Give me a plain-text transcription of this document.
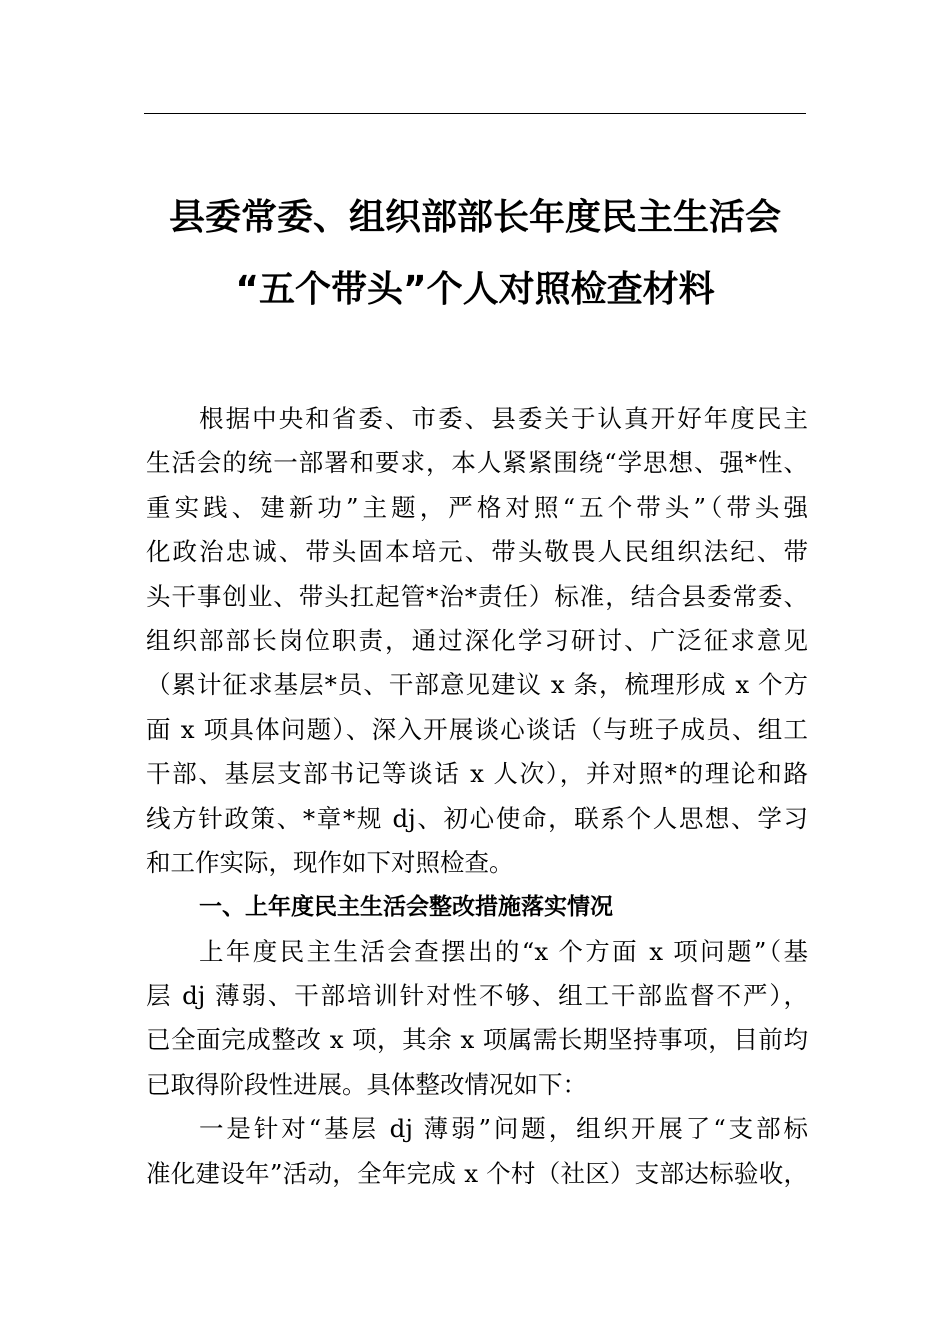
县委常委、组织部部长年度民主生活会
“五个带头”个人对照检查材料
根据中央和省委、市委、县委关于认真开好年度民主
生活会的统一部署和要求，本人紧紧围绕“学思想、强*性、
重实践、建新功”主题，严格对照“五个带头”（带头强
化政治忠诚、带头固本培元、带头敬畏人民组织法纪、带
头干事创业、带头扛起管*治*责任）标准，结合县委常委、
组织部部长岗位职责，通过深化学习研讨、广泛征求意见
（累计征求基层*员、干部意见建议 x 条，梳理形成 x 个方
面 x 项具体问题）、深入开展谈心谈话（与班子成员、组工
干部、基层支部书记等谈话 x 人次），并对照*的理论和路
线方针政策、*章*规 dj、初心使命，联系个人思想、学习
和工作实际，现作如下对照检查。
一、上年度民主生活会整改措施落实情况
上年度民主生活会查摆出的“x 个方面 x 项问题”（基
层 dj 薄弱、干部培训针对性不够、组工干部监督不严），
已全面完成整改 x 项，其余 x 项属需长期坚持事项，目前均
已取得阶段性进展。具体整改情况如下：
一是针对“基层 dj 薄弱”问题，组织开展了“支部标
准化建设年”活动，全年完成 x 个村（社区）支部达标验收，
